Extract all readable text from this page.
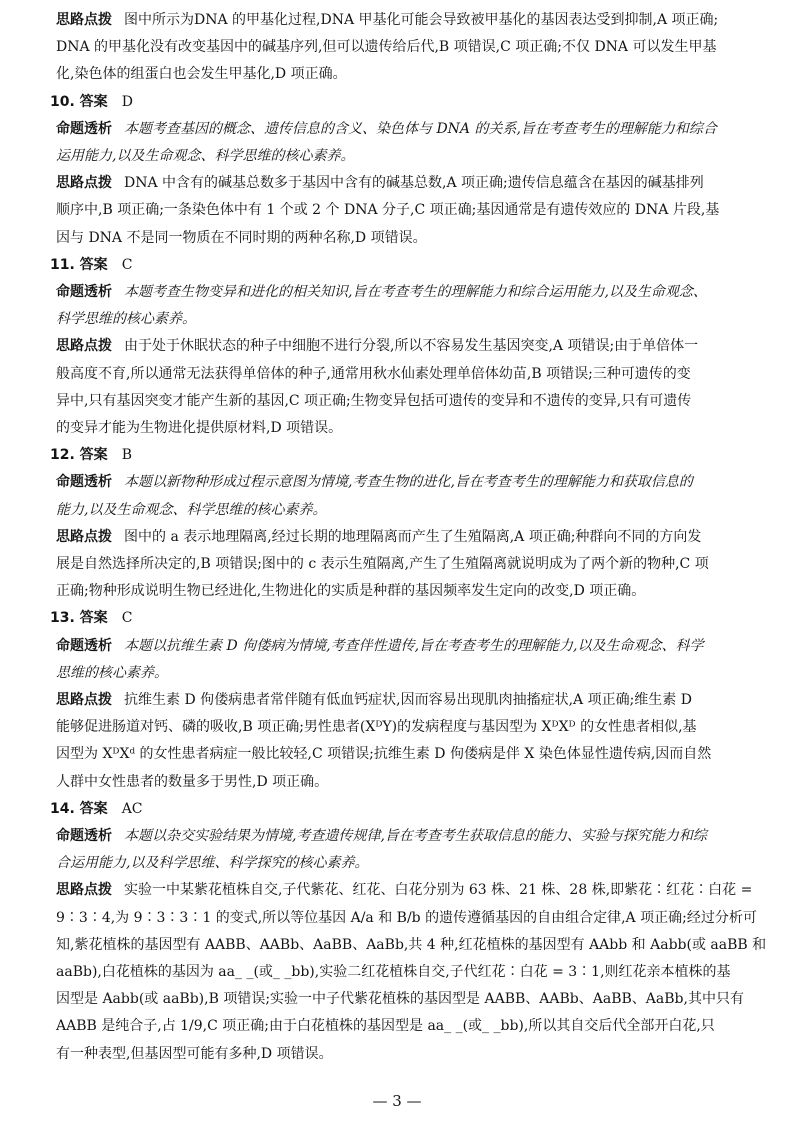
思路点拨 图中所示为DNA 的甲基化过程,DNA 甲基化可能会导致被甲基化的基因表达受到抑制,A 项正确;
DNA 的甲基化没有改变基因中的碱基序列,但可以遗传给后代,B 项错误,C 项正确;不仅 DNA 可以发生甲基
化,染色体的组蛋白也会发生甲基化,D 项正确。
10. 答案 D
命题透析 本题考查基因的概念、遗传信息的含义、染色体与 DNA 的关系,旨在考查考生的理解能力和综合
运用能力,以及生命观念、科学思维的核心素养。
思路点拨 DNA 中含有的碱基总数多于基因中含有的碱基总数,A 项正确;遗传信息蕴含在基因的碱基排列
顺序中,B 项正确;一条染色体中有 1 个或 2 个 DNA 分子,C 项正确;基因通常是有遗传效应的 DNA 片段,基
因与 DNA 不是同一物质在不同时期的两种名称,D 项错误。
11. 答案 C
命题透析 本题考查生物变异和进化的相关知识,旨在考查考生的理解能力和综合运用能力,以及生命观念、
科学思维的核心素养。
思路点拨 由于处于休眠状态的种子中细胞不进行分裂,所以不容易发生基因突变,A 项错误;由于单倍体一
般高度不育,所以通常无法获得单倍体的种子,通常用秋水仙素处理单倍体幼苗,B 项错误;三种可遗传的变
异中,只有基因突变才能产生新的基因,C 项正确;生物变异包括可遗传的变异和不遗传的变异,只有可遗传
的变异才能为生物进化提供原材料,D 项错误。
12. 答案 B
命题透析 本题以新物种形成过程示意图为情境,考查生物的进化,旨在考查考生的理解能力和获取信息的
能力,以及生命观念、科学思维的核心素养。
思路点拨 图中的 a 表示地理隔离,经过长期的地理隔离而产生了生殖隔离,A 项正确;种群向不同的方向发
展是自然选择所决定的,B 项错误;图中的 c 表示生殖隔离,产生了生殖隔离就说明成为了两个新的物种,C 项
正确;物种形成说明生物已经进化,生物进化的实质是种群的基因频率发生定向的改变,D 项正确。
13. 答案 C
命题透析 本题以抗维生素 D 佝偻病为情境,考查伴性遗传,旨在考查考生的理解能力,以及生命观念、科学
思维的核心素养。
思路点拨 抗维生素 D 佝偻病患者常伴随有低血钙症状,因而容易出现肌肉抽搐症状,A 项正确;维生素 D
能够促进肠道对钙、磷的吸收,B 项正确;男性患者(XᴰY)的发病程度与基因型为 XᴰXᴰ 的女性患者相似,基
因型为 XᴰXᵈ 的女性患者病症一般比较轻,C 项错误;抗维生素 D 佝偻病是伴 X 染色体显性遗传病,因而自然
人群中女性患者的数量多于男性,D 项正确。
14. 答案 AC
命题透析 本题以杂交实验结果为情境,考查遗传规律,旨在考查考生获取信息的能力、实验与探究能力和综
合运用能力,以及科学思维、科学探究的核心素养。
思路点拨 实验一中某紫花植株自交,子代紫花、红花、白花分别为 63 株、21 株、28 株,即紫花∶红花∶白花 =
9∶3∶4,为 9∶3∶3∶1 的变式,所以等位基因 A/a 和 B/b 的遗传遵循基因的自由组合定律,A 项正确;经过分析可
知,紫花植株的基因型有 AABB、AABb、AaBB、AaBb,共 4 种,红花植株的基因型有 AAbb 和 Aabb(或 aaBB 和
aaBb),白花植株的基因为 aa_ _(或_ _bb),实验二红花植株自交,子代红花∶白花 = 3∶1,则红花亲本植株的基
因型是 Aabb(或 aaBb),B 项错误;实验一中子代紫花植株的基因型是 AABB、AABb、AaBB、AaBb,其中只有
AABB 是纯合子,占 1/9,C 项正确;由于白花植株的基因型是 aa_ _(或_ _bb),所以其自交后代全部开白花,只
有一种表型,但基因型可能有多种,D 项错误。
— 3 —
